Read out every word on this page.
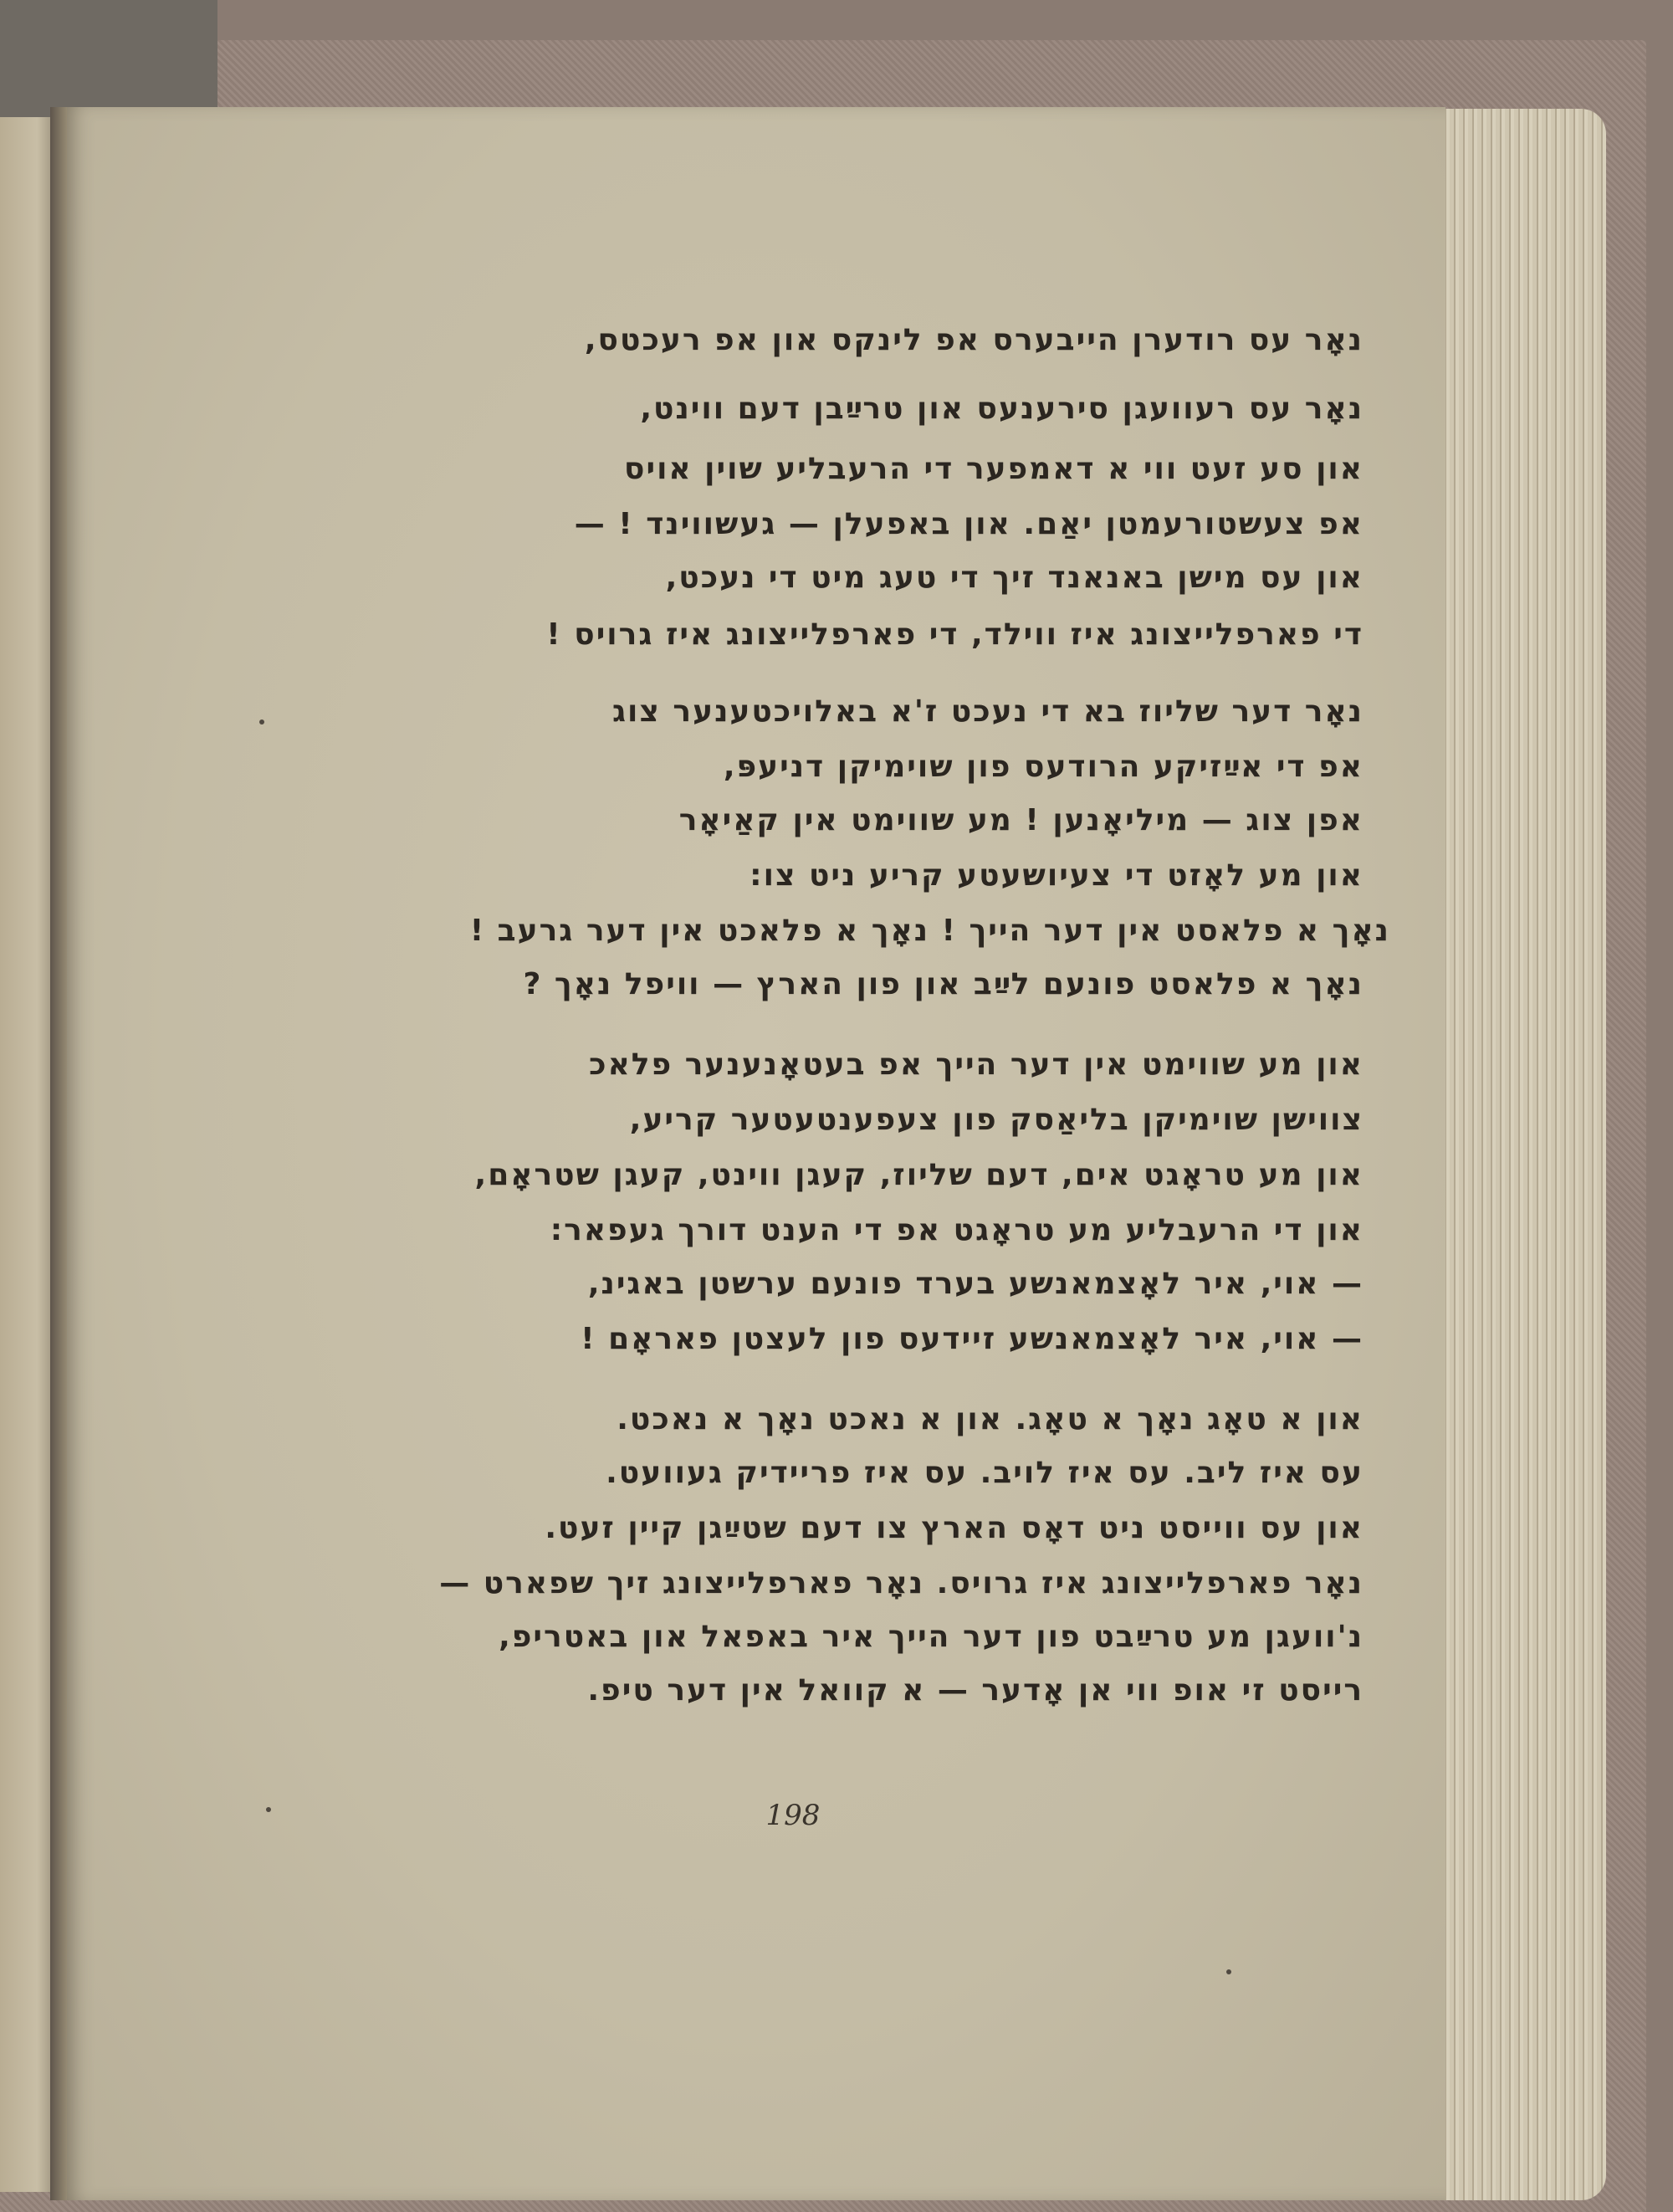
נאָר עס רודערן הייבערס אפ לינקס און אפ רעכטס,
נאָר עס רעוועגן סירענעס און טרײַבן דעם ווינט,
און סע זעט ווי א דאמפער די הרעבליע שוין אויס
אפ צעשטורעמטן יאַם. און באפעלן — געשווינד ! —
און עס מישן באנאנד זיך די טעג מיט די נעכט,
די פארפלייצונג איז ווילד, די פארפלייצונג איז גרויס !
נאָר דער שליוז בא די נעכט ז'א באלויכטענער צוג
אפ די אײַזיקע הרודעס פון שוימיקן דניעפּ,
אפן צוג — מיליאָנען ! מע שווימט אין קאַיאָר
און מע לאָזט די צעיושעטע קריע ניט צו:
נאָך א פלאסט אין דער הייך ! נאָך א פלאכט אין דער גרעב !
נאָך א פלאסט פונעם לײַב און פון הארץ — וויפל נאָך ?
און מע שווימט אין דער הייך אפ בעטאָנענער פלאכ
צווישן שוימיקן בליאַסק פון צעפענטעטער קריע,
און מע טראָגט אים, דעם שליוז, קעגן ווינט, קעגן שטראָם,
און די הרעבליע מע טראָגט אפ די הענט דורך געפאר:
— אוי, איר לאָצמאנשע בערד פונעם ערשטן באגינ,
— אוי, איר לאָצמאנשע זיידעס פון לעצטן פאראָם !
און א טאָג נאָך א טאָג. און א נאכט נאָך א נאכט.
עס איז ליב. עס איז לויב. עס איז פריידיק געוועט.
און עס ווייסט ניט דאָס הארץ צו דעם שטײַגן קיין זעט.
נאָר פארפלייצונג איז גרויס. נאָר פארפלייצונג זיך שפארט —
נ'וועגן מע טרײַבט פון דער הייך איר באפאל און באטריפ,
רייסט זי אופ ווי אן אָדער — א קוואל אין דער טיפ.
198
